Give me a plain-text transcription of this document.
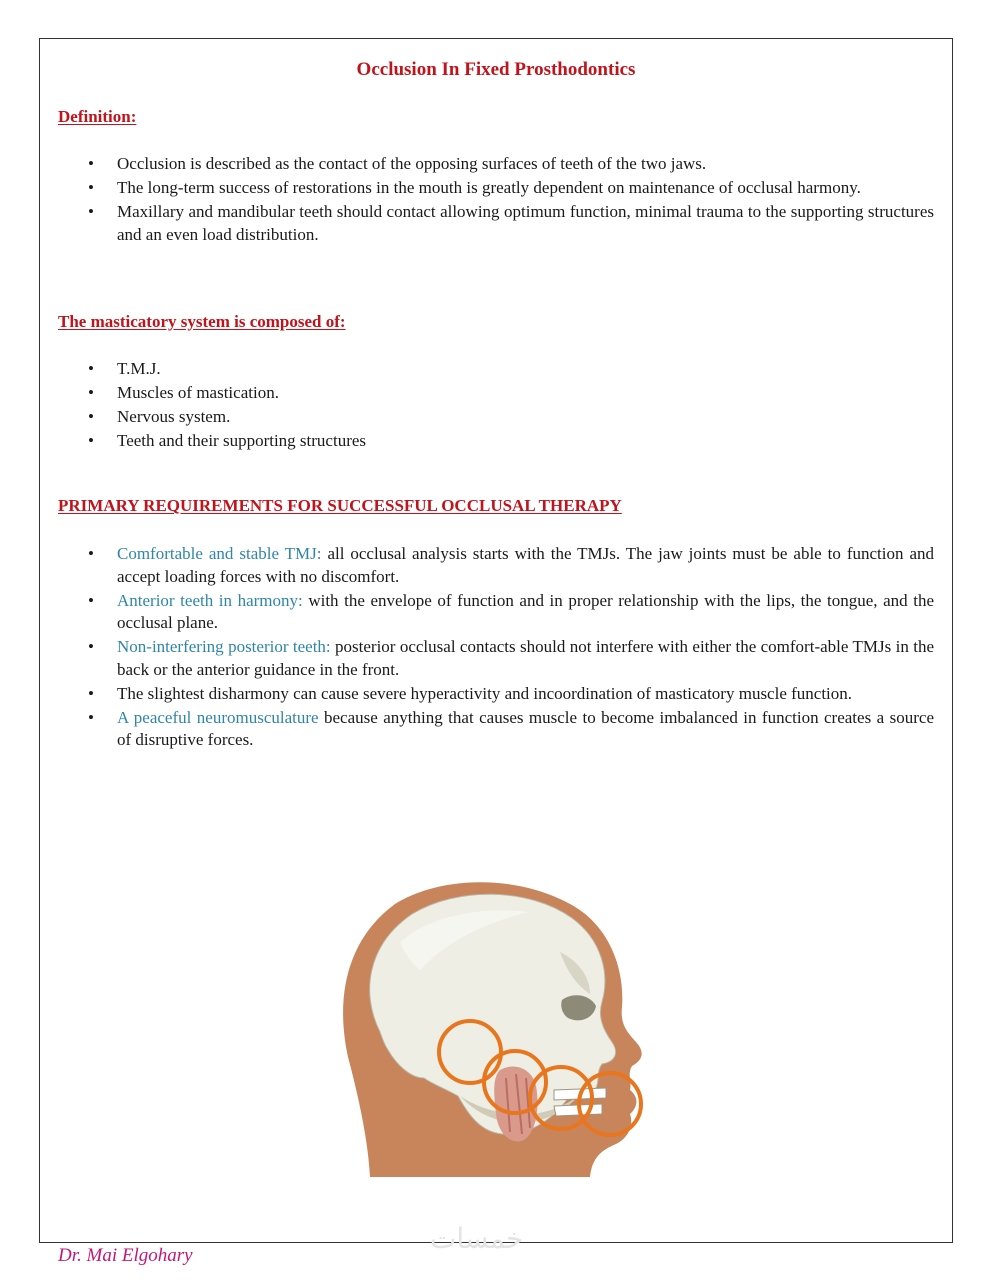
Occlusion In Fixed Prosthodontics
Definition:
• Occlusion is described as the contact of the opposing surfaces of teeth of the two jaws.
• The long-term success of restorations in the mouth is greatly dependent on maintenance of occlusal harmony.
• Maxillary and mandibular teeth should contact allowing optimum function, minimal trauma to the supporting structures and an even load distribution.
The masticatory system is composed of:
• T.M.J.
• Muscles of mastication.
• Nervous system.
• Teeth and their supporting structures
PRIMARY REQUIREMENTS FOR SUCCESSFUL OCCLUSAL THERAPY
• Comfortable and stable TMJ: all occlusal analysis starts with the TMJs. The jaw joints must be able to function and accept loading forces with no discomfort.
• Anterior teeth in harmony: with the envelope of function and in proper relationship with the lips, the tongue, and the occlusal plane.
• Non-interfering posterior teeth: posterior occlusal contacts should not interfere with either the comfort-able TMJs in the back or the anterior guidance in the front.
• The slightest disharmony can cause severe hyperactivity and incoordination of masticatory muscle function.
• A peaceful neuromusculature because anything that causes muscle to become imbalanced in function creates a source of disruptive forces.

خمسات

Dr. Mai Elgohary
